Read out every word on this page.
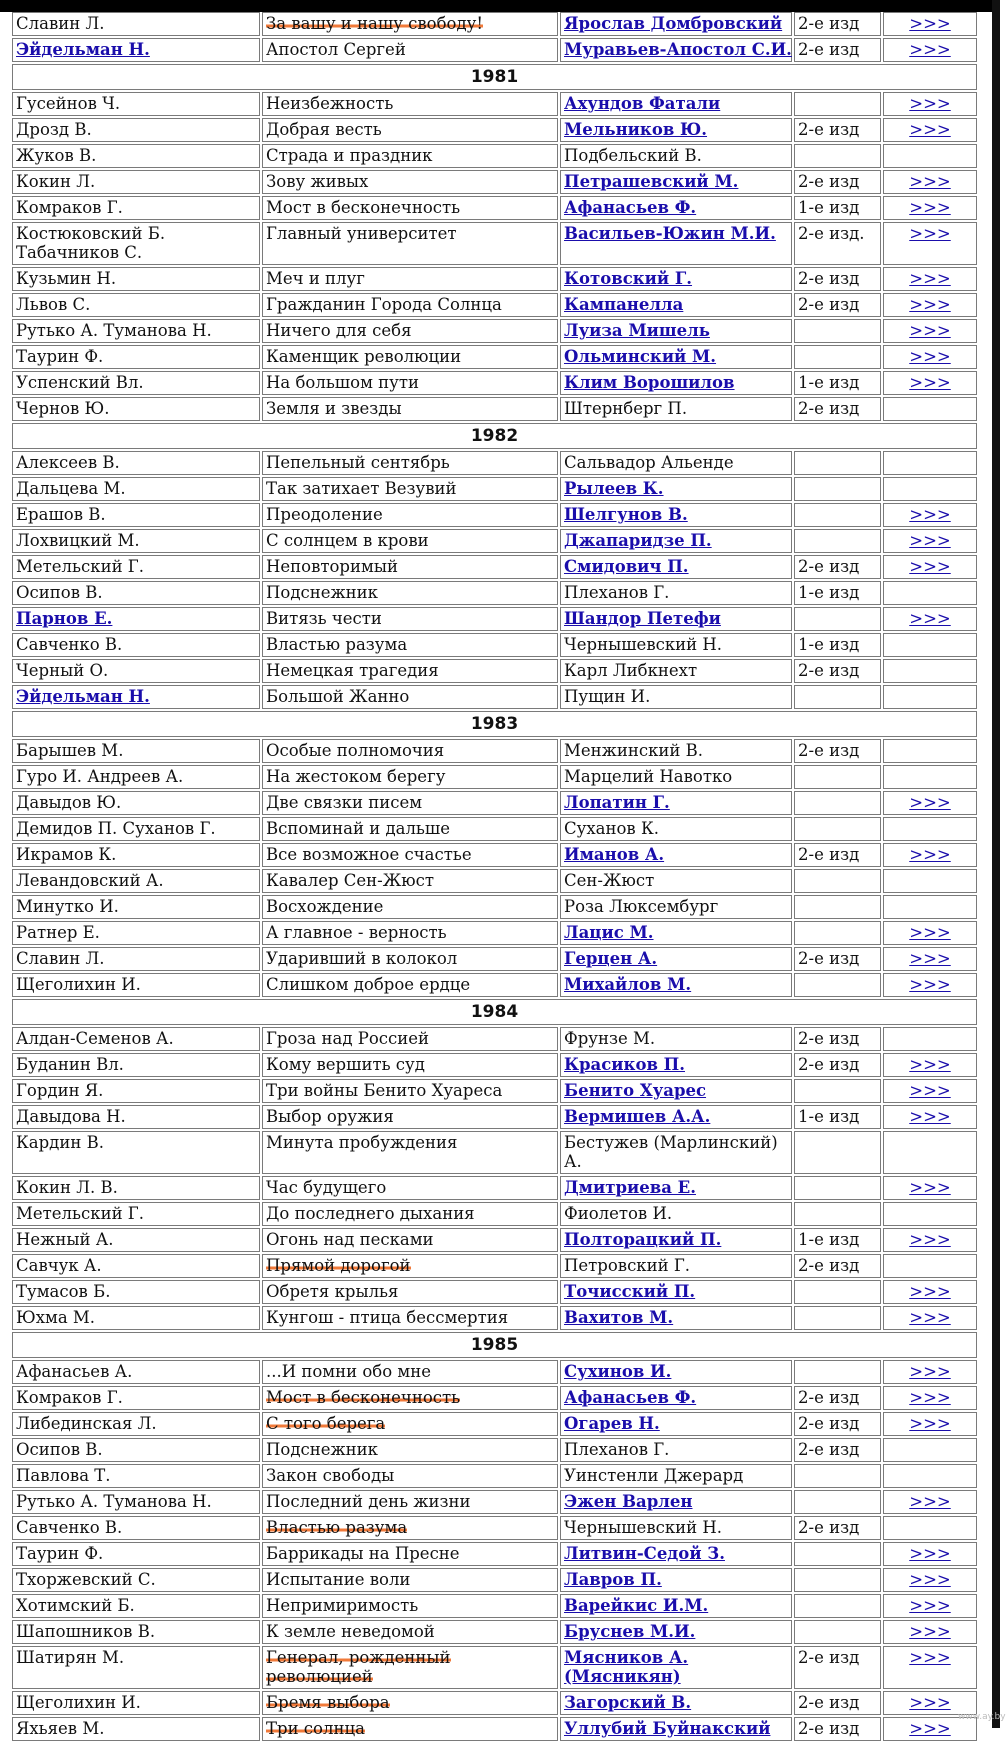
Славин Л.	За вашу и нашу свободу!	Ярослав Домбровский	2-е изд	>>>
Эйдельман Н.	Апостол Сергей	Муравьев-Апостол С.И.	2-е изд	>>>
1981				
Гусейнов Ч.	Неизбежность	Ахундов Фатали		>>>
Дрозд В.	Добрая весть	Мельников Ю.	2-е изд	>>>
Жуков В.	Страда и праздник	Подбельский В.		
Кокин Л.	Зову живых	Петрашевский М.	2-е изд	>>>
Комраков Г.	Мост в бесконечность	Афанасьев Ф.	1-е изд	>>>
Костюковский Б. Табачников С.	Главный университет	Васильев-Южин М.И.	2-е изд.	>>>
Кузьмин Н.	Меч и плуг	Котовский Г.	2-е изд	>>>
Львов С.	Гражданин Города Солнца	Кампанелла	2-е изд	>>>
Рутько А. Туманова Н.	Ничего для себя	Луиза Мишель		>>>
Таурин Ф.	Каменщик революции	Ольминский М.		>>>
Успенский Вл.	На большом пути	Клим Ворошилов	1-е изд	>>>
Чернов Ю.	Земля и звезды	Штернберг П.	2-е изд	
1982				
Алексеев В.	Пепельный сентябрь	Сальвадор Альенде		
Дальцева М.	Так затихает Везувий	Рылеев К.		
Ерашов В.	Преодоление	Шелгунов В.		>>>
Лохвицкий М.	С солнцем в крови	Джапаридзе П.		>>>
Метельский Г.	Неповторимый	Смидович П.	2-е изд	>>>
Осипов В.	Подснежник	Плеханов Г.	1-е изд	
Парнов Е.	Витязь чести	Шандор Петефи		>>>
Савченко В.	Властью разума	Чернышевский Н.	1-е изд	
Черный О.	Немецкая трагедия	Карл Либкнехт	2-е изд	
Эйдельман Н.	Большой Жанно	Пущин И.		
1983				
Барышев М.	Особые полномочия	Менжинский В.	2-е изд	
Гуро И. Андреев А.	На жестоком берегу	Марцелий Навотко		
Давыдов Ю.	Две связки писем	Лопатин Г.		>>>
Демидов П. Суханов Г.	Вспоминай и дальше	Суханов К.		
Икрамов К.	Все возможное счастье	Иманов А.	2-е изд	>>>
Левандовский А.	Кавалер Сен-Жюст	Сен-Жюст		
Минутко И.	Восхождение	Роза Люксембург		
Ратнер Е.	А главное - верность	Лацис М.		>>>
Славин Л.	Ударивший в колокол	Герцен А.	2-е изд	>>>
Щеголихин И.	Слишком доброе ердце	Михайлов М.		>>>
1984				
Алдан-Семенов А.	Гроза над Россией	Фрунзе М.	2-е изд	
Буданин Вл.	Кому вершить суд	Красиков П.	2-е изд	>>>
Гордин Я.	Три войны Бенито Хуареса	Бенито Хуарес		>>>
Давыдова Н.	Выбор оружия	Вермишев А.А.	1-е изд	>>>
Кардин В.	Минута пробуждения	Бестужев (Марлинский) А.		
Кокин Л. В.	Час будущего	Дмитриева Е.		>>>
Метельский Г.	До последнего дыхания	Фиолетов И.		
Нежный А.	Огонь над песками	Полторацкий П.	1-е изд	>>>
Савчук А.	Прямой дорогой	Петровский Г.	2-е изд	
Тумасов Б.	Обретя крылья	Точисский П.		>>>
Юхма М.	Кунгош - птица бессмертия	Вахитов М.		>>>
1985				
Афанасьев А.	...И помни обо мне	Сухинов И.		>>>
Комраков Г.	Мост в бесконечность	Афанасьев Ф.	2-е изд	>>>
Либединская Л.	С того берега	Огарев Н.	2-е изд	>>>
Осипов В.	Подснежник	Плеханов Г.	2-е изд	
Павлова Т.	Закон свободы	Уинстенли Джерард		
Рутько А. Туманова Н.	Последний день жизни	Эжен Варлен		>>>
Савченко В.	Властью разума	Чернышевский Н.	2-е изд	
Таурин Ф.	Баррикады на Пресне	Литвин-Седой З.		>>>
Тхоржевский С.	Испытание воли	Лавров П.		>>>
Хотимский Б.	Непримиримость	Варейкис И.М.		>>>
Шапошников В.	К земле неведомой	Бруснев М.И.		>>>
Шатирян М.	Генерал, рожденный революцией	Мясников А. (Мясникян)	2-е изд	>>>
Щеголихин И.	Бремя выбора	Загорский В.	2-е изд	>>>
Яхьяев М.	Три солнца	Уллубий Буйнакский	2-е изд	>>>
www.ay.by
